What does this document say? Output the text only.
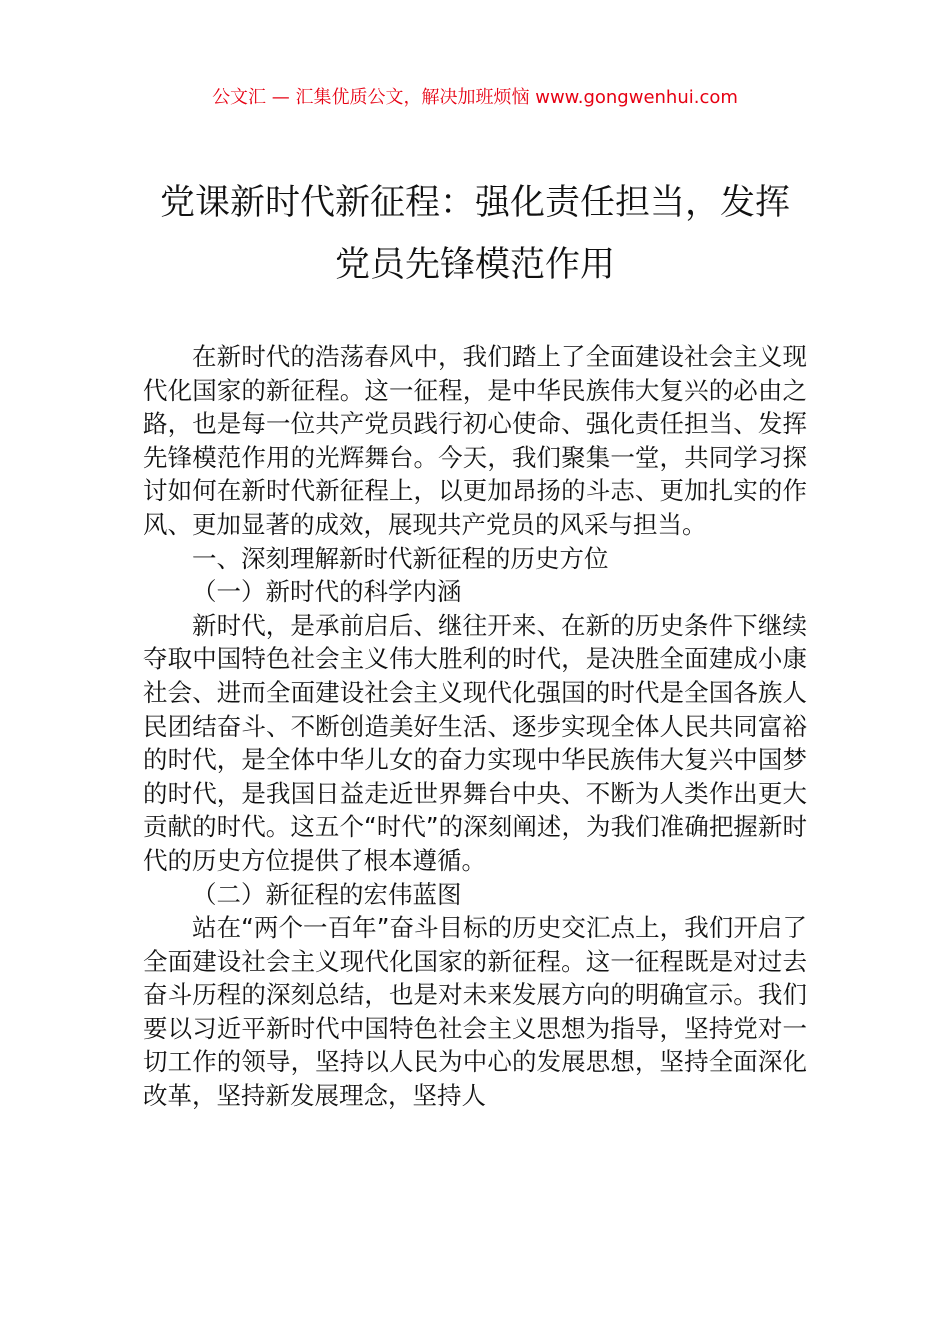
公文汇 — 汇集优质公文，解决加班烦恼 www.gongwenhui.com
党课新时代新征程：强化责任担当，发挥
党员先锋模范作用

在新时代的浩荡春风中，我们踏上了全面建设社会主义现代化国家的新征程。这一征程，是中华民族伟大复兴的必由之路，也是每一位共产党员践行初心使命、强化责任担当、发挥先锋模范作用的光辉舞台。今天，我们聚集一堂，共同学习探讨如何在新时代新征程上，以更加昂扬的斗志、更加扎实的作风、更加显著的成效，展现共产党员的风采与担当。

一、深刻理解新时代新征程的历史方位

（一）新时代的科学内涵

新时代，是承前启后、继往开来、在新的历史条件下继续夺取中国特色社会主义伟大胜利的时代，是决胜全面建成小康社会、进而全面建设社会主义现代化强国的时代是全国各族人民团结奋斗、不断创造美好生活、逐步实现全体人民共同富裕的时代，是全体中华儿女的奋力实现中华民族伟大复兴中国梦的时代，是我国日益走近世界舞台中央、不断为人类作出更大贡献的时代。这五个“时代”的深刻阐述，为我们准确把握新时代的历史方位提供了根本遵循。

（二）新征程的宏伟蓝图

站在“两个一百年”奋斗目标的历史交汇点上，我们开启了全面建设社会主义现代化国家的新征程。这一征程既是对过去奋斗历程的深刻总结，也是对未来发展方向的明确宣示。我们要以习近平新时代中国特色社会主义思想为指导，坚持党对一切工作的领导，坚持以人民为中心的发展思想，坚持全面深化改革，坚持新发展理念，坚持人
